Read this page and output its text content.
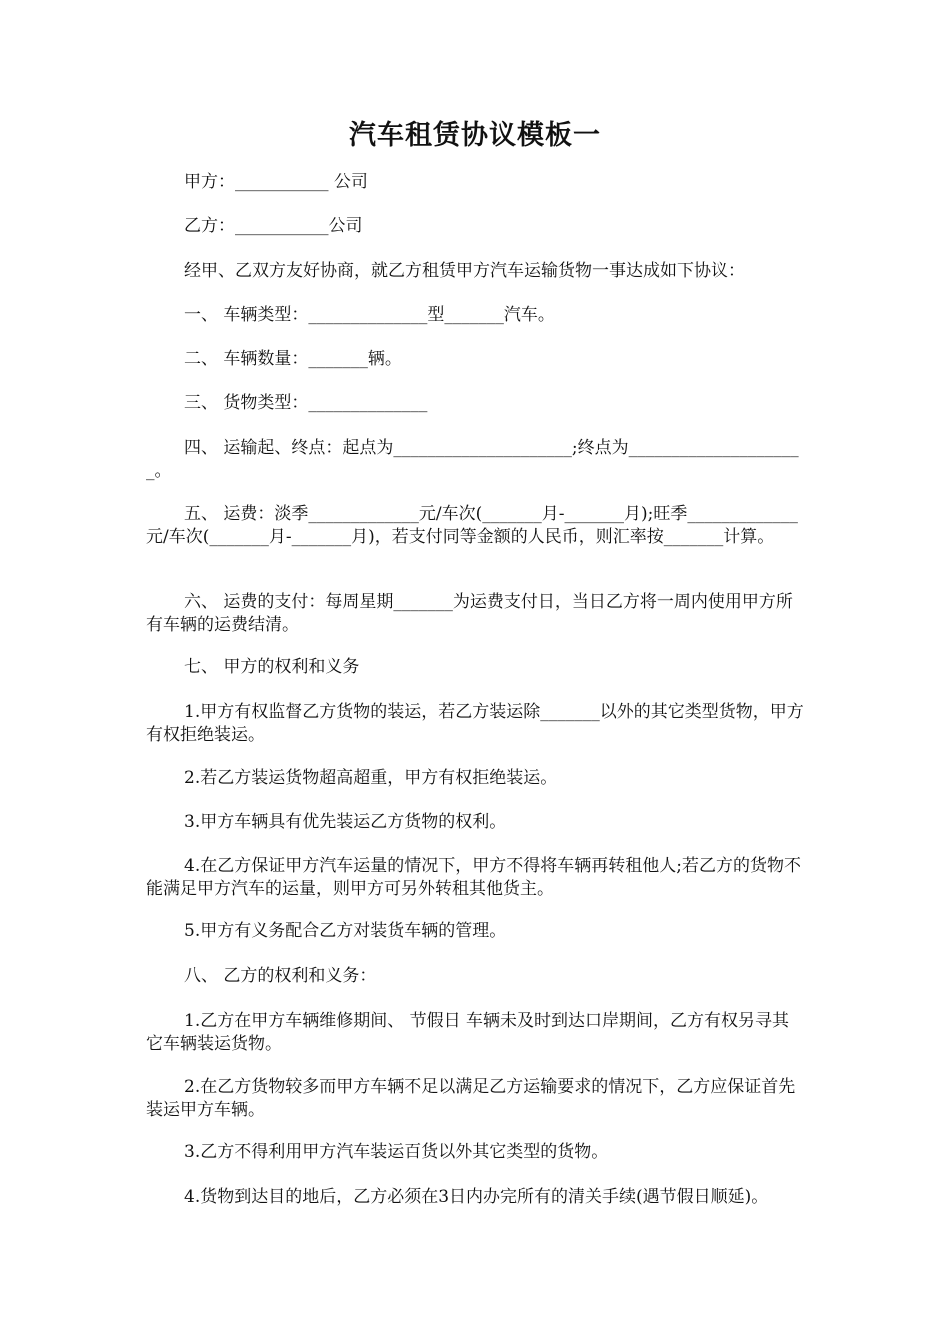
汽车租赁协议模板一
甲方：___________ 公司
乙方：___________公司
经甲、乙双方友好协商，就乙方租赁甲方汽车运输货物一事达成如下协议：
一、 车辆类型：______________型_______汽车。
二、 车辆数量：_______辆。
三、 货物类型：______________
四、 运输起、终点：起点为_____________________;终点为_____________________。
五、 运费：淡季_____________元/车次(_______月-_______月);旺季_____________元/车次(_______月-_______月)，若支付同等金额的人民币，则汇率按_______计算。
六、 运费的支付：每周星期_______为运费支付日，当日乙方将一周内使用甲方所有车辆的运费结清。
七、 甲方的权利和义务
1.甲方有权监督乙方货物的装运，若乙方装运除_______以外的其它类型货物，甲方有权拒绝装运。
2.若乙方装运货物超高超重，甲方有权拒绝装运。
3.甲方车辆具有优先装运乙方货物的权利。
4.在乙方保证甲方汽车运量的情况下，甲方不得将车辆再转租他人;若乙方的货物不能满足甲方汽车的运量，则甲方可另外转租其他货主。
5.甲方有义务配合乙方对装货车辆的管理。
八、 乙方的权利和义务：
1.乙方在甲方车辆维修期间、 节假日 车辆未及时到达口岸期间，乙方有权另寻其它车辆装运货物。
2.在乙方货物较多而甲方车辆不足以满足乙方运输要求的情况下，乙方应保证首先装运甲方车辆。
3.乙方不得利用甲方汽车装运百货以外其它类型的货物。
4.货物到达目的地后，乙方必须在3日内办完所有的清关手续(遇节假日顺延)。
